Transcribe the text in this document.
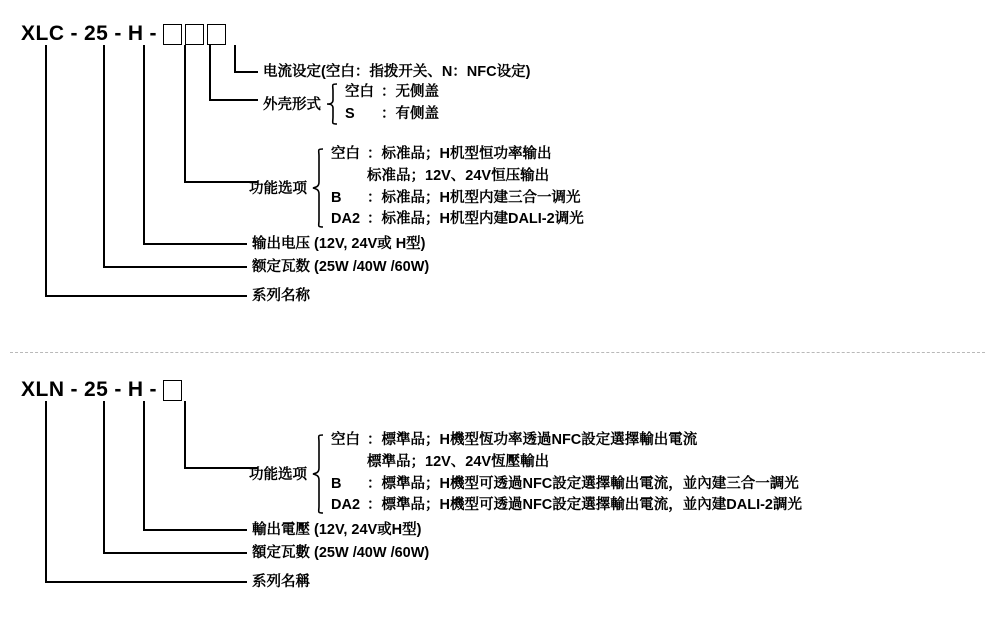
XLC - 25 - H -
电流设定(空白：指拨开关、N：NFC设定)
外壳形式
空白 ：无侧盖
S ：有侧盖
功能选项
空白 ：标准品；H机型恒功率输出
标准品；12V、24V恒压输出
B ：标准品；H机型内建三合一调光
DA2 ：标准品；H机型内建DALI-2调光
输出电压 (12V, 24V或 H型)
额定瓦数 (25W /40W /60W)
系列名称
XLN - 25 - H -
功能选项
空白 ：標準品；H機型恆功率透過NFC設定選擇輸出電流
標準品；12V、24V恆壓輸出
B ：標準品；H機型可透過NFC設定選擇輸出電流，並內建三合一調光
DA2 ：標準品；H機型可透過NFC設定選擇輸出電流，並內建DALI-2調光
輸出電壓 (12V, 24V或H型)
額定瓦數 (25W /40W /60W)
系列名稱
